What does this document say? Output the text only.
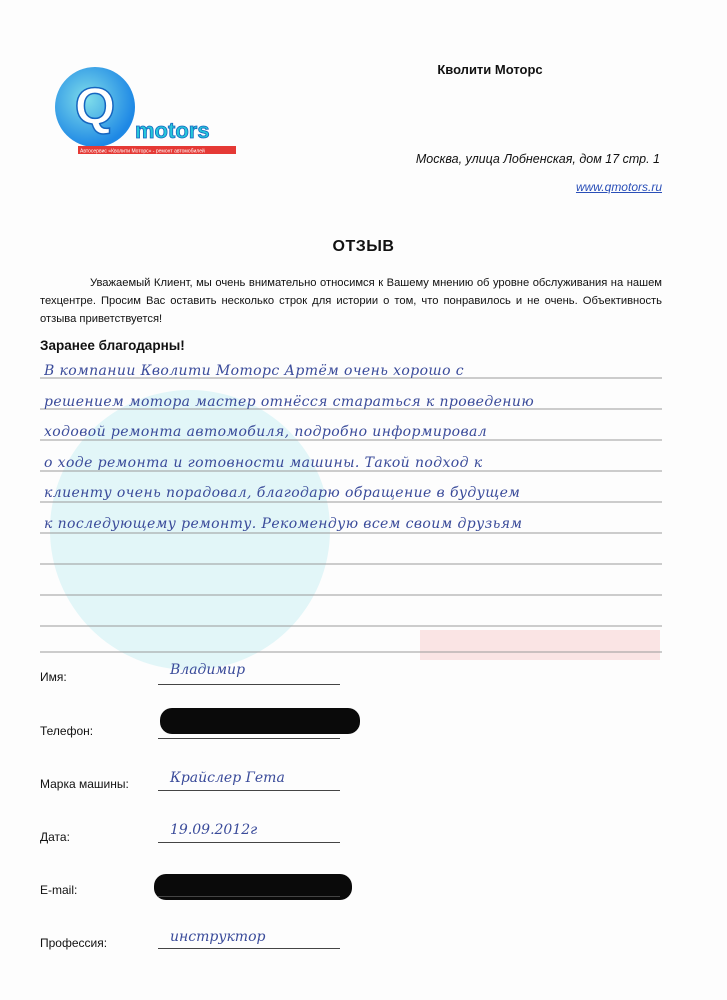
Q motors
Автосервис «Кволити Моторс» - ремонт автомобилей
Кволити Моторс
Москва, улица Лобненская, дом 17 стр. 1
www.qmotors.ru
ОТЗЫВ
Уважаемый Клиент, мы очень внимательно относимся к Вашему мнению об уровне обслуживания на нашем техцентре. Просим Вас оставить несколько строк для истории о том, что понравилось и не очень. Объективность отзыва приветствуется!
Заранее благодарны!
В компании Кволити Моторс Артём очень хорошо с
решением мотора мастер отнёсся стараться к проведению
ходовой ремонта автомобиля, подробно информировал
о ходе ремонта и готовности машины. Такой подход к
клиенту очень порадовал, благодарю обращение в будущем
к последующему ремонту. Рекомендую всем своим друзьям
Имя:	Владимир
Телефон:
Марка машины:	Крайслер Гета
Дата:	19.09.2012г
E-mail:
Профессия:	инструктор
